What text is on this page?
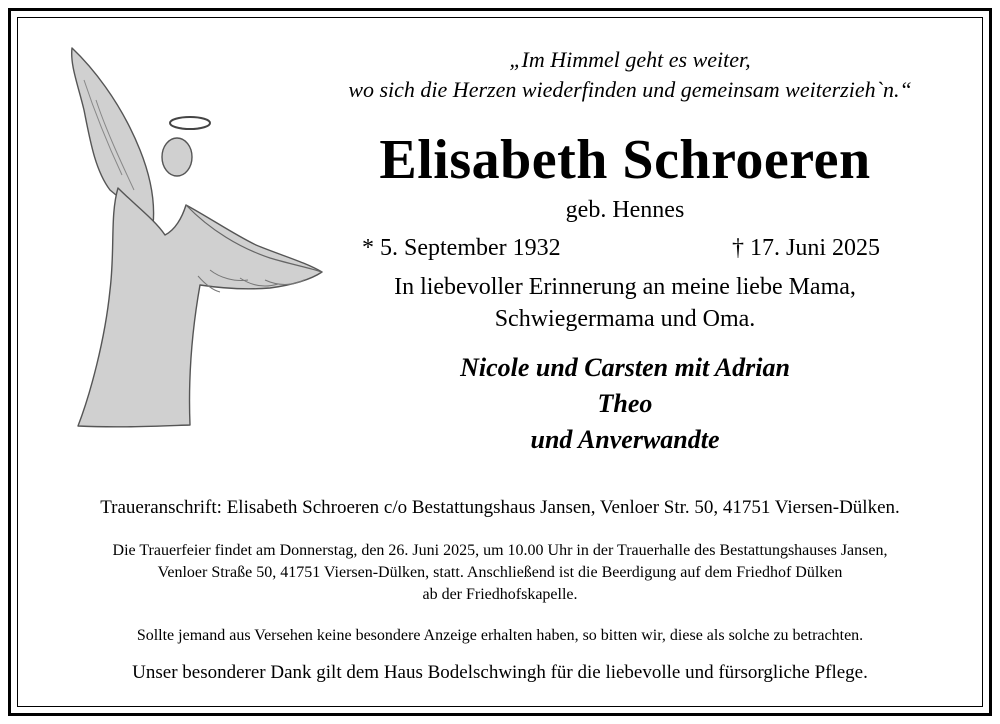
„Im Himmel geht es weiter,
wo sich die Herzen wiederfinden und gemeinsam weiterzieh`n.“
Elisabeth Schroeren
geb. Hennes
* 5. September 1932	† 17. Juni 2025
In liebevoller Erinnerung an meine liebe Mama,
Schwiegermama und Oma.
Nicole und Carsten mit Adrian
Theo
und Anverwandte
Traueranschrift: Elisabeth Schroeren c/o Bestattungshaus Jansen, Venloer Str. 50, 41751 Viersen-Dülken.
Die Trauerfeier findet am Donnerstag, den 26. Juni 2025, um 10.00 Uhr in der Trauerhalle des Bestattungshauses Jansen,
Venloer Straße 50, 41751 Viersen-Dülken, statt. Anschließend ist die Beerdigung auf dem Friedhof Dülken
ab der Friedhofskapelle.
Sollte jemand aus Versehen keine besondere Anzeige erhalten haben, so bitten wir, diese als solche zu betrachten.
Unser besonderer Dank gilt dem Haus Bodelschwingh für die liebevolle und fürsorgliche Pflege.
